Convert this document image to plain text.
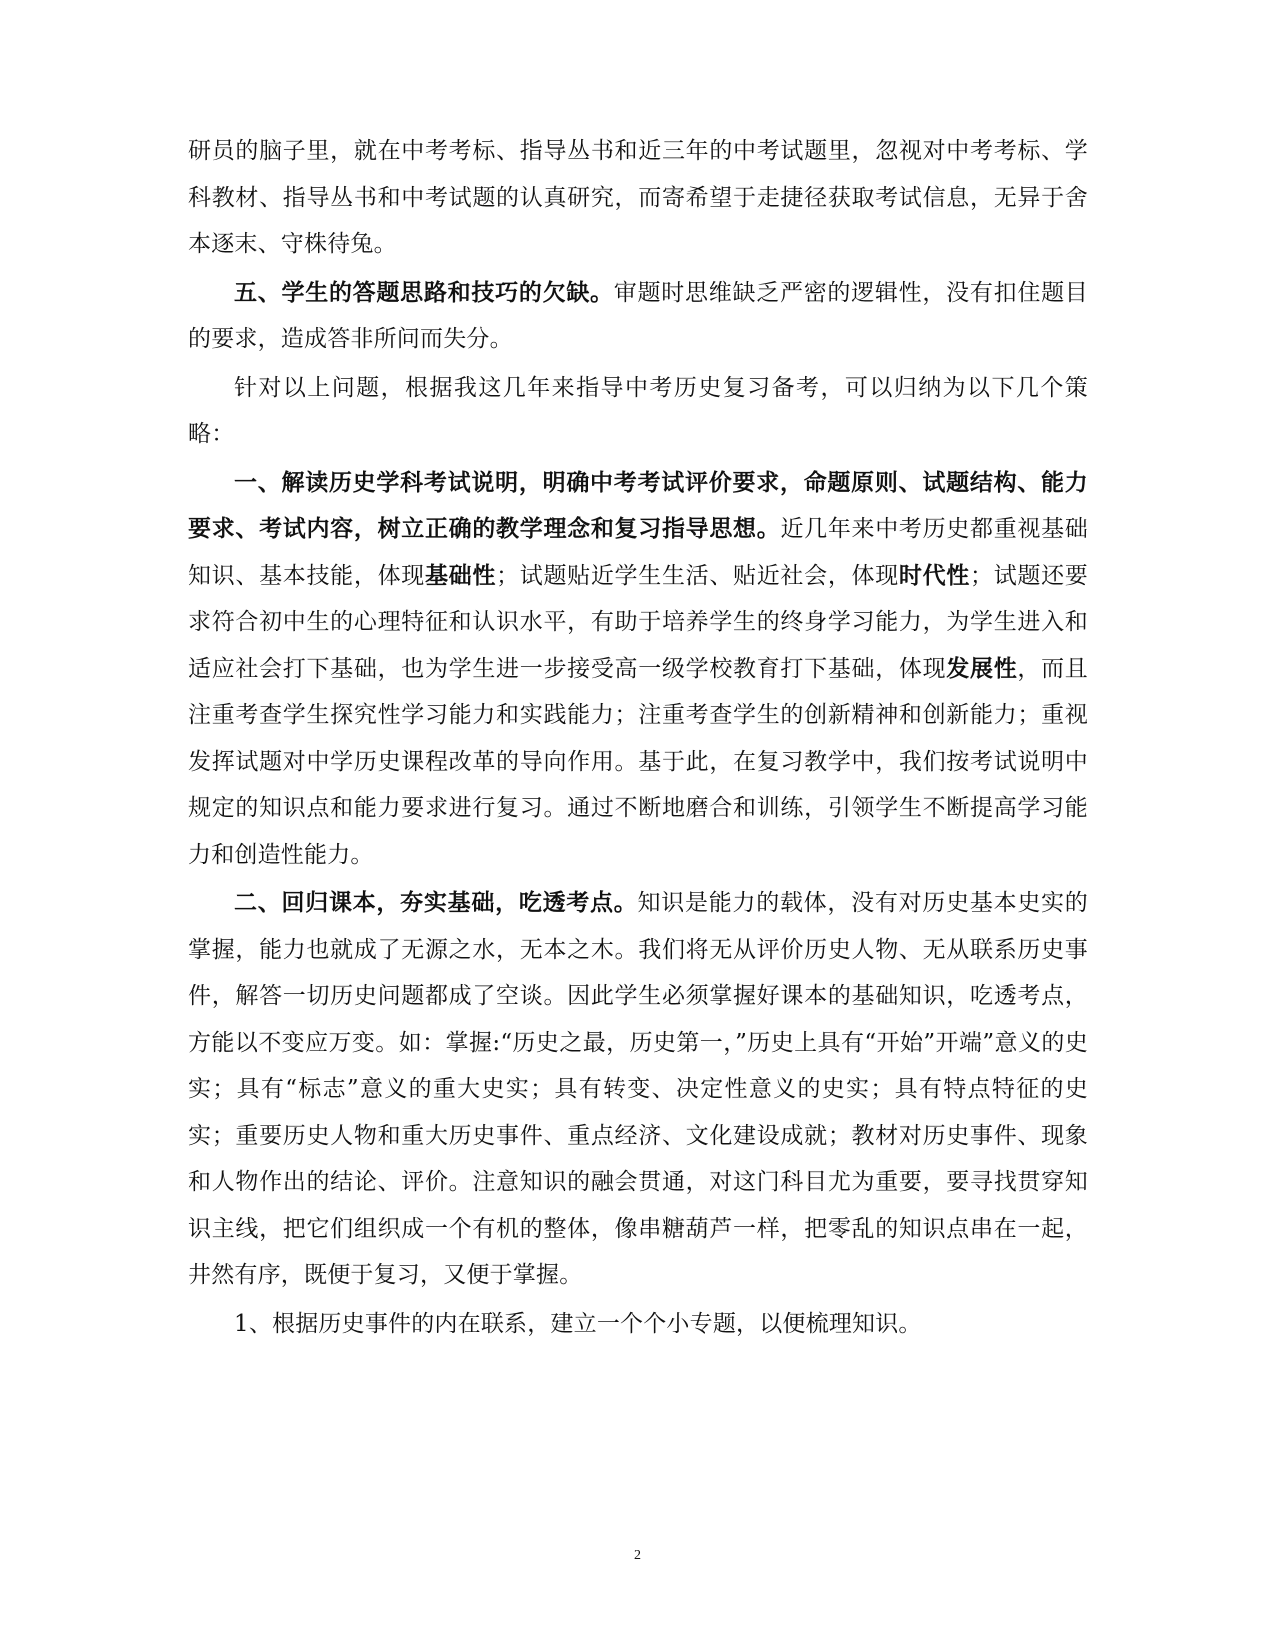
研员的脑子里，就在中考考标、指导丛书和近三年的中考试题里，忽视对中考考标、学科教材、指导丛书和中考试题的认真研究，而寄希望于走捷径获取考试信息，无异于舍本逐末、守株待兔。

五、学生的答题思路和技巧的欠缺。审题时思维缺乏严密的逻辑性，没有扣住题目的要求，造成答非所问而失分。

针对以上问题，根据我这几年来指导中考历史复习备考，可以归纳为以下几个策略：

一、解读历史学科考试说明，明确中考考试评价要求，命题原则、试题结构、能力要求、考试内容，树立正确的教学理念和复习指导思想。近几年来中考历史都重视基础知识、基本技能，体现基础性；试题贴近学生生活、贴近社会，体现时代性；试题还要求符合初中生的心理特征和认识水平，有助于培养学生的终身学习能力，为学生进入和适应社会打下基础，也为学生进一步接受高一级学校教育打下基础，体现发展性，而且注重考查学生探究性学习能力和实践能力；注重考查学生的创新精神和创新能力；重视发挥试题对中学历史课程改革的导向作用。基于此，在复习教学中，我们按考试说明中规定的知识点和能力要求进行复习。通过不断地磨合和训练，引领学生不断提高学习能力和创造性能力。

二、回归课本，夯实基础，吃透考点。知识是能力的载体，没有对历史基本史实的掌握，能力也就成了无源之水，无本之木。我们将无从评价历史人物、无从联系历史事件，解答一切历史问题都成了空谈。因此学生必须掌握好课本的基础知识，吃透考点，方能以不变应万变。如：掌握:“历史之最，历史第一，”历史上具有“开始”开端”意义的史实；具有“标志”意义的重大史实；具有转变、决定性意义的史实；具有特点特征的史实；重要历史人物和重大历史事件、重点经济、文化建设成就；教材对历史事件、现象和人物作出的结论、评价。注意知识的融会贯通，对这门科目尤为重要，要寻找贯穿知识主线，把它们组织成一个有机的整体，像串糖葫芦一样，把零乱的知识点串在一起，井然有序，既便于复习，又便于掌握。

1、根据历史事件的内在联系，建立一个个小专题，以便梳理知识。

2
